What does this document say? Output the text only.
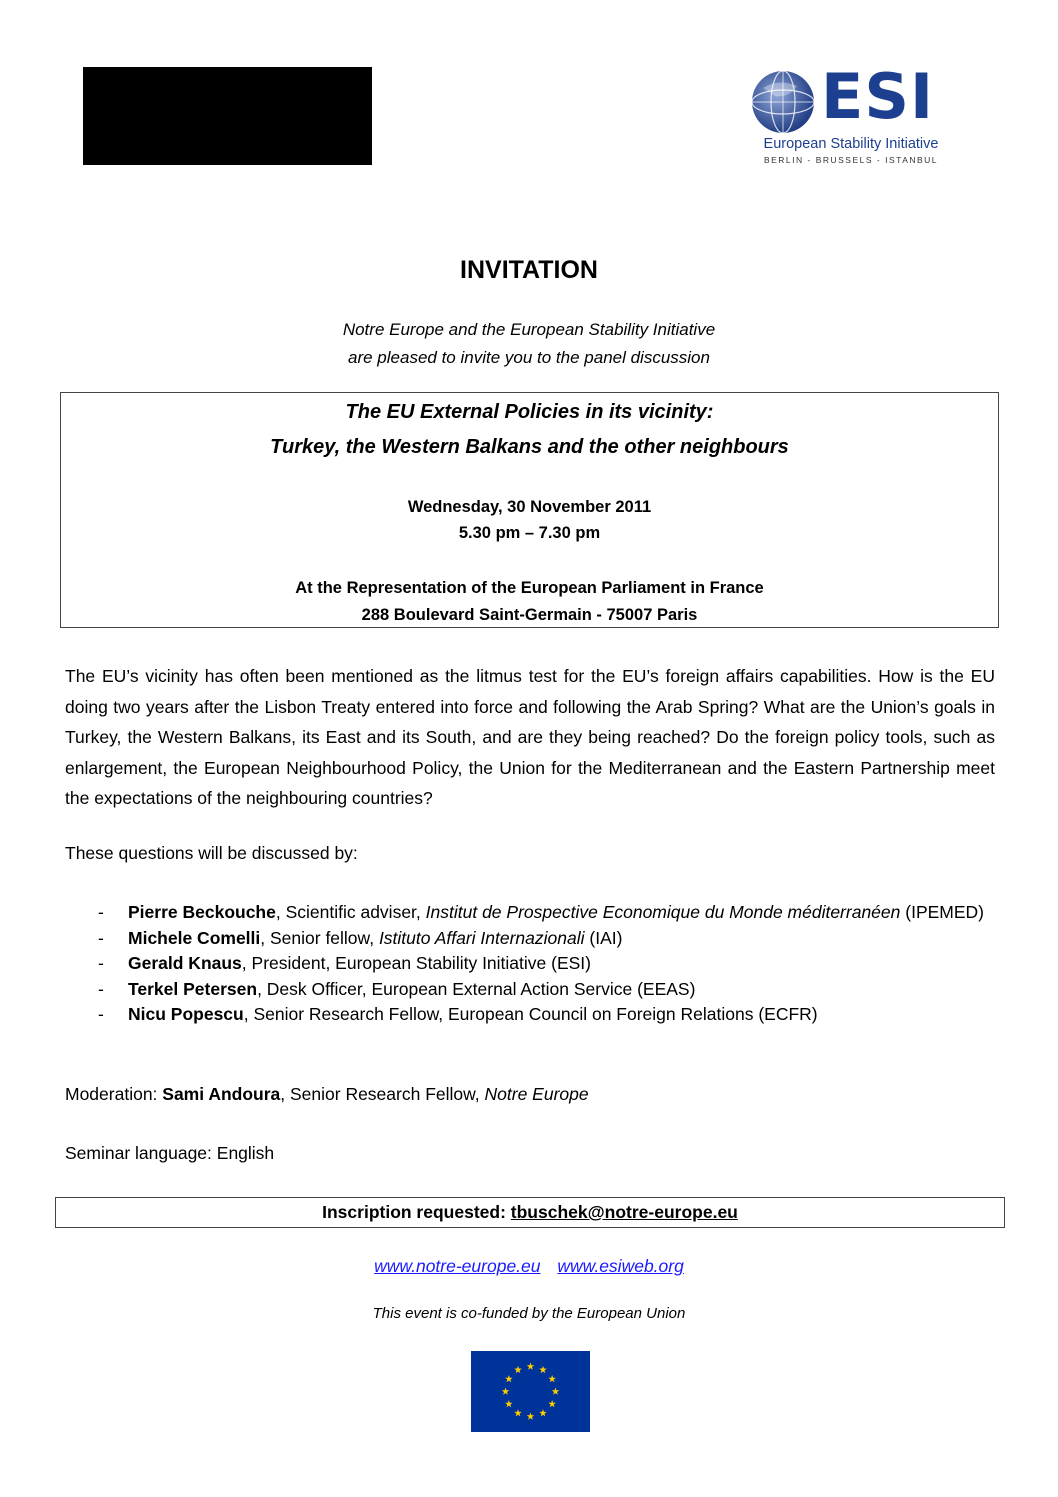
ESI
European Stability Initiative
BERLIN - BRUSSELS - ISTANBUL
INVITATION
Notre Europe and the European Stability Initiative
are pleased to invite you to the panel discussion
The EU External Policies in its vicinity:
Turkey, the Western Balkans and the other neighbours
Wednesday, 30 November 2011
5.30 pm – 7.30 pm
At the Representation of the European Parliament in France
288 Boulevard Saint-Germain - 75007 Paris
The EU’s vicinity has often been mentioned as the litmus test for the EU’s foreign affairs capabilities. How is the EU doing two years after the Lisbon Treaty entered into force and following the Arab Spring? What are the Union’s goals in Turkey, the Western Balkans, its East and its South, and are they being reached? Do the foreign policy tools, such as enlargement, the European Neighbourhood Policy, the Union for the Mediterranean and the Eastern Partnership meet the expectations of the neighbouring countries?
These questions will be discussed by:
- Pierre Beckouche, Scientific adviser, Institut de Prospective Economique du Monde méditerranéen (IPEMED)
- Michele Comelli, Senior fellow, Istituto Affari Internazionali (IAI)
- Gerald Knaus, President, European Stability Initiative (ESI)
- Terkel Petersen, Desk Officer, European External Action Service (EEAS)
- Nicu Popescu, Senior Research Fellow, European Council on Foreign Relations (ECFR)
Moderation: Sami Andoura, Senior Research Fellow, Notre Europe
Seminar language: English
Inscription requested: tbuschek@notre-europe.eu
www.notre-europe.eu www.esiweb.org
This event is co-funded by the European Union
